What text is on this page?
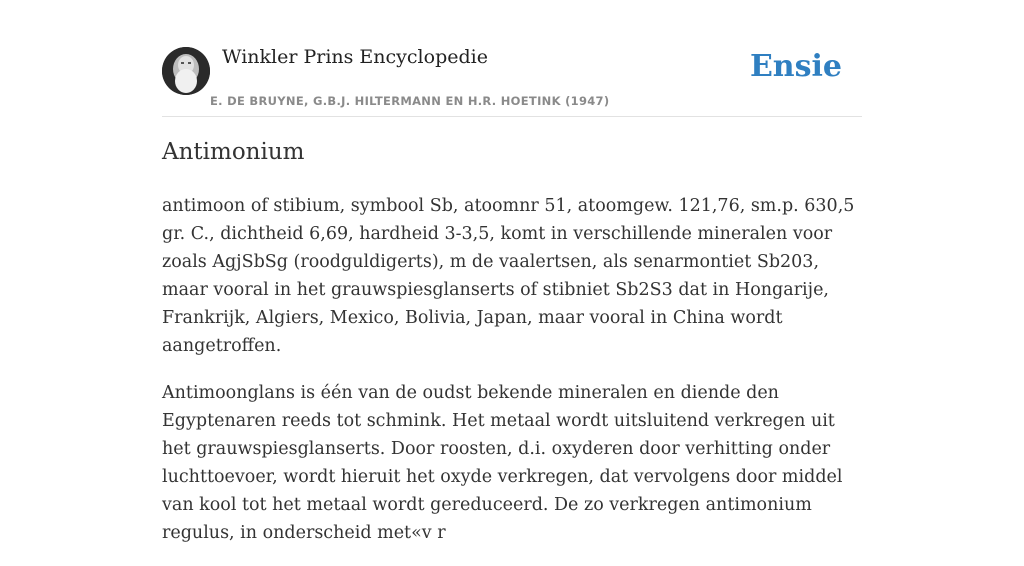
Winkler Prins Encyclopedie
E. DE BRUYNE, G.B.J. HILTERMANN EN H.R. HOETINK (1947)
Ensie
Antimonium

antimoon of stibium, symbool Sb, atoomnr 51, atoomgew. 121,76, sm.p. 630,5 gr. C., dichtheid 6,69, hardheid 3-3,5, komt in verschillende mineralen voor zoals AgjSbSg (roodguldigerts), m de vaalertsen, als senarmontiet Sb203, maar vooral in het grauwspiesglanserts of stibniet Sb2S3 dat in Hongarije, Frankrijk, Algiers, Mexico, Bolivia, Japan, maar vooral in China wordt aangetroffen.

Antimoonglans is één van de oudst bekende mineralen en diende den Egyptenaren reeds tot schmink. Het metaal wordt uitsluitend verkregen uit het grauwspiesglanserts. Door roosten, d.i. oxyderen door verhitting onder luchttoevoer, wordt hieruit het oxyde verkregen, dat vervolgens door middel van kool tot het metaal wordt gereduceerd. De zo verkregen antimonium regulus, in onderscheid met«v r
